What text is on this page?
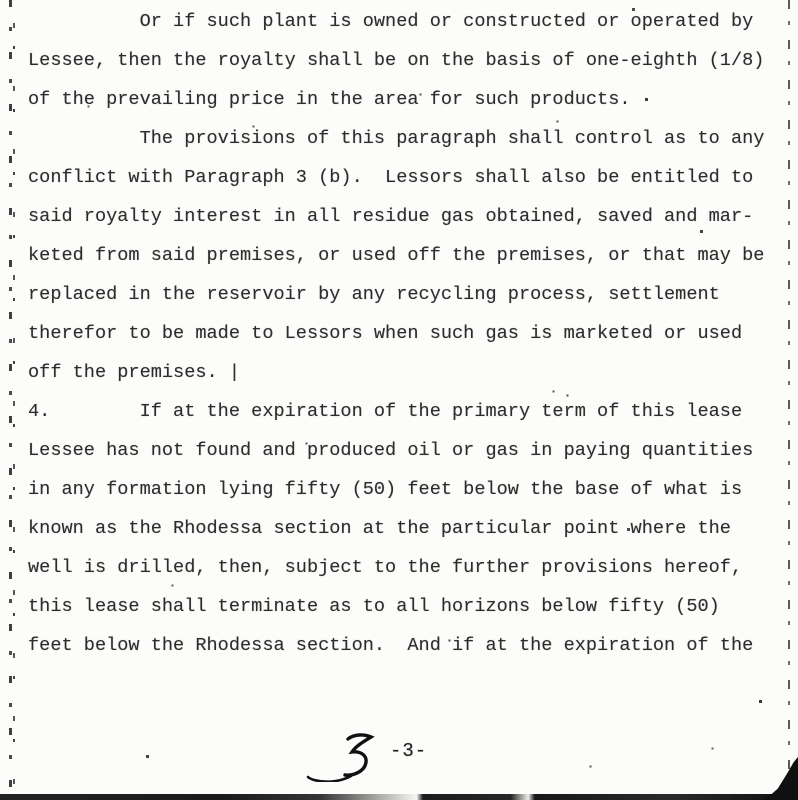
Or if such plant is owned or constructed or operated by
Lessee, then the royalty shall be on the basis of one-eighth (1/8)
of the prevailing price in the area for such products.
The provisions of this paragraph shall control as to any
conflict with Paragraph 3 (b).  Lessors shall also be entitled to
said royalty interest in all residue gas obtained, saved and mar-
keted from said premises, or used off the premises, or that may be
replaced in the reservoir by any recycling process, settlement
therefor to be made to Lessors when such gas is marketed or used
off the premises. |
4.        If at the expiration of the primary term of this lease
Lessee has not found and produced oil or gas in paying quantities
in any formation lying fifty (50) feet below the base of what is
known as the Rhodessa section at the particular point where the
well is drilled, then, subject to the further provisions hereof,
this lease shall terminate as to all horizons below fifty (50)
feet below the Rhodessa section.  And if at the expiration of the
-3-
